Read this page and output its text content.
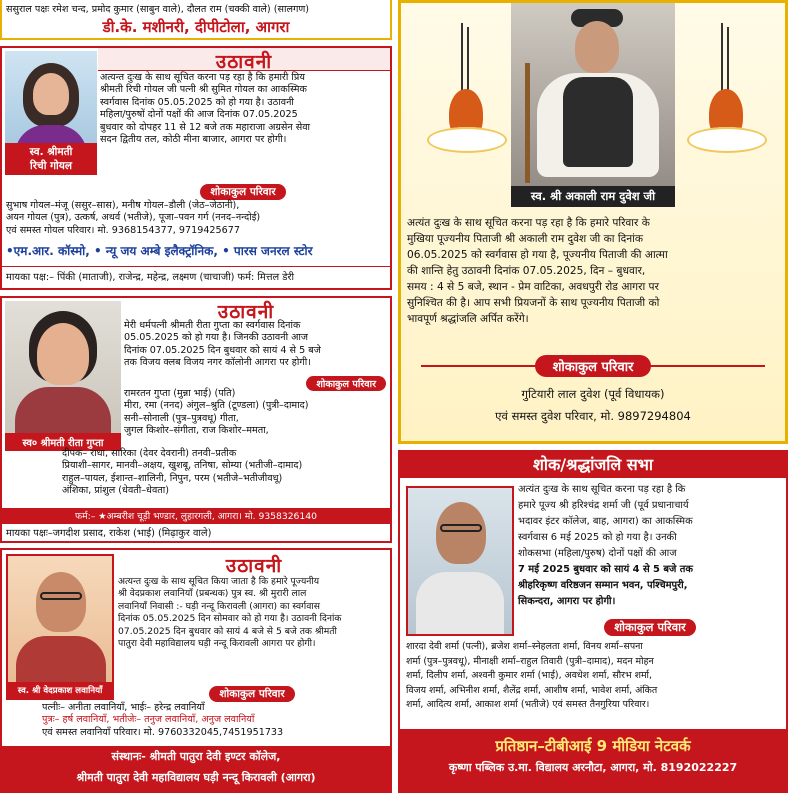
ससुराल पक्षः रमेश चन्द, प्रमोद कुमार (साबुन वाले), दौलत राम (चक्की वाले) (सालगण)
डी.के. मशीनरी, दीपीटोला, आगरा
उठावनी
स्व. श्रीमती
रिची गोयल
अत्यन्त दुःख के साथ सूचित करना पड़ रहा है कि हमारी प्रिय
श्रीमती रिची गोयल जी पत्नी श्री सुमित गोयल का आकस्मिक
स्वर्गवास दिनांक 05.05.2025 को हो गया है। उठावनी
महिला/पुरुषों दोनों पक्षों की आज दिनांक 07.05.2025
बुधवार को दोपहर 11 से 12 बजे तक महाराजा अग्रसेन सेवा
सदन द्वितीय तल, कोठी मीना बाजार, आगरा पर होगी।
शोकाकुल परिवार
सुभाष गोयल–मंजू (ससुर–सास), मनीष गोयल–डौली (जेठ–जेठानी),
अयन गोयल (पुत्र), उत्कर्ष, अथर्व (भतीजे), पूजा–पवन गर्ग (ननद–नन्दोई)
एवं समस्त गोयल परिवार। मो. 9368154377, 9719425677
•एम.आर. कॉस्मो, • न्यू जय अम्बे इलैक्ट्रॉनिक, • पारस जनरल स्टोर
मायका पक्ष:– पिंकी (माताजी), राजेन्द्र, महेन्द्र, लक्ष्मण (चाचाजी) फर्म: मित्तल डेरी
उठावनी
स्व० श्रीमती रीता गुप्ता
मेरी धर्मपत्नी श्रीमती रीता गुप्ता का स्वर्गवास दिनांक
05.05.2025 को हो गया है। जिनकी उठावनी आज
दिनांक 07.05.2025 दिन बुधवार को सायं 4 से 5 बजे
तक विजय क्लब विजय नगर कॉलोनी आगरा पर होगी।
शोकाकुल परिवार
रामरतन गुप्ता (मुन्ना भाई) (पति)
मीरा, रमा (ननद) अंगुल–श्रुति (टूण्डला) (पुत्री–दामाद)
सनी–सोनाली (पुत्र–पुत्रवधू) गीता,
जुगल किशोर–संगीता, राज किशोर–ममता,
दीपक– राधा, सारिका (देवर देवरानी) तनवी–प्रतीक
प्रियाशी–सागर, मानवी–अक्षय, खुशबू, तनिषा, सोम्या (भतीजी–दामाद)
राहुल–पायल, ईशान्त–शालिनी, निपुन, परम (भतीजे–भतीजीवधू)
अंशिका, प्रांशुल (धेवती–धेवता)
फर्म:– ★अम्बरीश चूड़ी भण्डार, लुहारगली, आगरा। मो. 9358326140
मायका पक्षः–जगदीश प्रसाद, राकेश (भाई) (मिढ़ाकुर वाले)
उठावनी
स्व. श्री वेदप्रकाश लवानियाँ
अत्यन्त दुःख के साथ सूचित किया जाता है कि हमारे पूज्यनीय
श्री वेदप्रकाश लवानियाँ (प्रबन्धक) पुत्र स्व. श्री मुरारी लाल
लवानियाँ निवासी :- घड़ी नन्दू किरावली (आगरा) का स्वर्गवास
दिनांक 05.05.2025 दिन सोमवार को हो गया है। उठावनी दिनांक
07.05.2025 दिन बुधवार को सायं 4 बजे से 5 बजे तक श्रीमती
पातुरा देवी महाविद्यालय घड़ी नन्दू किरावली आगरा पर होगी।
शोकाकुल परिवार
पत्नीः– अनीता लवानियाँ, भाईः– हरेन्द्र लवानियाँ
पुत्रः– हर्ष लवानियाँ, भतीजेः– तनुज लवानियाँ, अनुज लवानियाँ
एवं समस्त लवानियाँ परिवार। मो. 9760332045,7451951733
संस्थानः- श्रीमती पातुरा देवी इण्टर कॉलेज,
श्रीमती पातुरा देवी महाविद्यालय घड़ी नन्दू किरावली (आगरा)
स्व. श्री अकाली राम दुवेश जी
अत्यंत दुःख के साथ सूचित करना पड़ रहा है कि हमारे परिवार के
मुखिया पूज्यनीय पिताजी श्री अकाली राम दुवेश जी का दिनांक
06.05.2025 को स्वर्गवास हो गया है, पूज्यनीय पिताजी की आत्मा
की शान्ति हेतु उठावनी दिनांक 07.05.2025, दिन – बुधवार,
समय : 4 से 5 बजे, स्थान - प्रेम वाटिका, अवधपुरी रोड आगरा पर
सुनिश्चित की है। आप सभी प्रियजनों के साथ पूज्यनीय पिताजी को
भावपूर्ण श्रद्धांजलि अर्पित करेंगे।
शोकाकुल परिवार
गुटियारी लाल दुवेश (पूर्व विधायक)
एवं समस्त दुवेश परिवार, मो. 9897294804
शोक/श्रद्धांजलि सभा
अत्यंत दुःख के साथ सूचित करना पड़ रहा है कि
हमारे पूज्य श्री हरिश्चंद्र शर्मा जी (पूर्व प्रधानाचार्य
भदावर इंटर कॉलेज, बाह, आगरा) का आकस्मिक
स्वर्गवास 6 मई 2025 को हो गया है। उनकी
शोकसभा (महिला/पुरुष) दोनों पक्षों की आज
7 मई 2025 बुधवार को सायं 4 से 5 बजे तक
श्रीहरिकृष्ण वरिष्ठजन सम्मान भवन, पश्चिमपुरी,
सिकन्दरा, आगरा पर होगी।
शोकाकुल परिवार
शारदा देवी शर्मा (पत्नी), ब्रजेश शर्मा–स्नेहलता शर्मा, विनय शर्मा–सपना
शर्मा (पुत्र–पुत्रवधू), मीनाक्षी शर्मा–राहुल तिवारी (पुत्री–दामाद), मदन मोहन
शर्मा, दिलीप शर्मा, अश्वनी कुमार शर्मा (भाई), अवधेश शर्मा, सौरभ शर्मा,
विजय शर्मा, अभिनीश शर्मा, शैलेंद्र शर्मा, आशीष शर्मा, भावेश शर्मा, अंकित
शर्मा, आदित्य शर्मा, आकाश शर्मा (भतीजे) एवं समस्त तैनगुरिया परिवार।
प्रतिष्ठान–टीबीआई 9 मीडिया नेटवर्क
कृष्णा पब्लिक उ.मा. विद्यालय अरनौटा, आगरा, मो. 8192022227
